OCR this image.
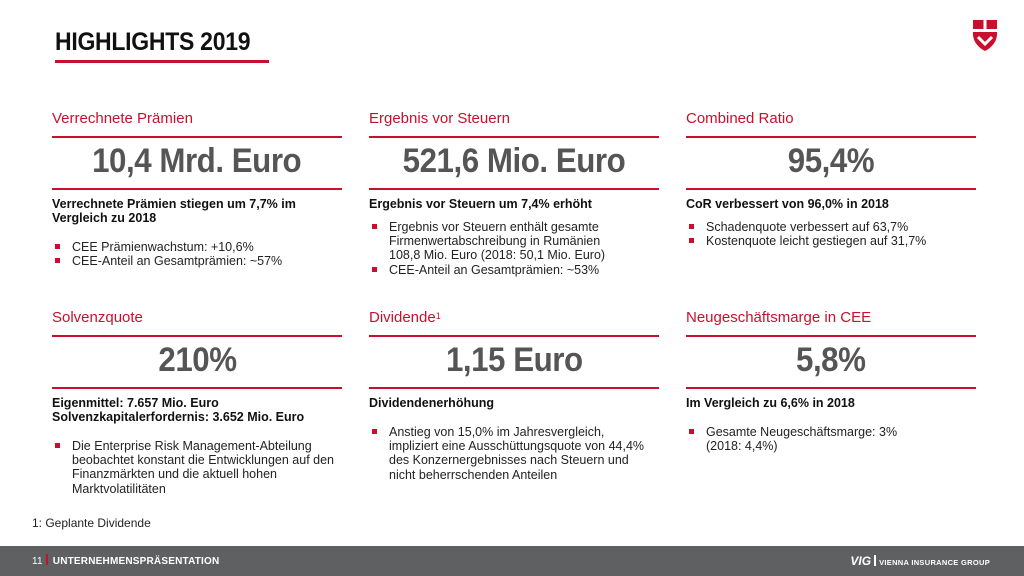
HIGHLIGHTS 2019
Verrechnete Prämien
10,4 Mrd. Euro
Verrechnete Prämien stiegen um 7,7% im Vergleich zu 2018
CEE Prämienwachstum: +10,6%
CEE-Anteil an Gesamtprämien: ~57%
Ergebnis vor Steuern
521,6 Mio. Euro
Ergebnis vor Steuern um 7,4% erhöht
Ergebnis vor Steuern enthält gesamte Firmenwertabschreibung in Rumänien 108,8 Mio. Euro (2018: 50,1 Mio. Euro)
CEE-Anteil an Gesamtprämien: ~53%
Combined Ratio
95,4%
CoR verbessert von 96,0% in 2018
Schadenquote verbessert auf 63,7%
Kostenquote leicht gestiegen auf 31,7%
Solvenzquote
210%
Eigenmittel: 7.657 Mio. Euro Solvenzkapitalerfordernis: 3.652 Mio. Euro
Die Enterprise Risk Management-Abteilung beobachtet konstant die Entwicklungen auf den Finanzmärkten und die aktuell hohen Marktvolatilitäten
Dividende$^1$
1,15 Euro
Dividendenerhöhung
Anstieg von 15,0% im Jahresvergleich, impliziert eine Ausschüttungsquote von 44,4% des Konzernergebnisses nach Steuern und nicht beherrschenden Anteilen
Neugeschäftsmarge in CEE
5,8%
Im Vergleich zu 6,6% in 2018
Gesamte Neugeschäftsmarge: 3% (2018: 4,4%)
1: Geplante Dividende
11 UNTERNEHMENSPRÄSENTATION	VIG VIENNA INSURANCE GROUP
